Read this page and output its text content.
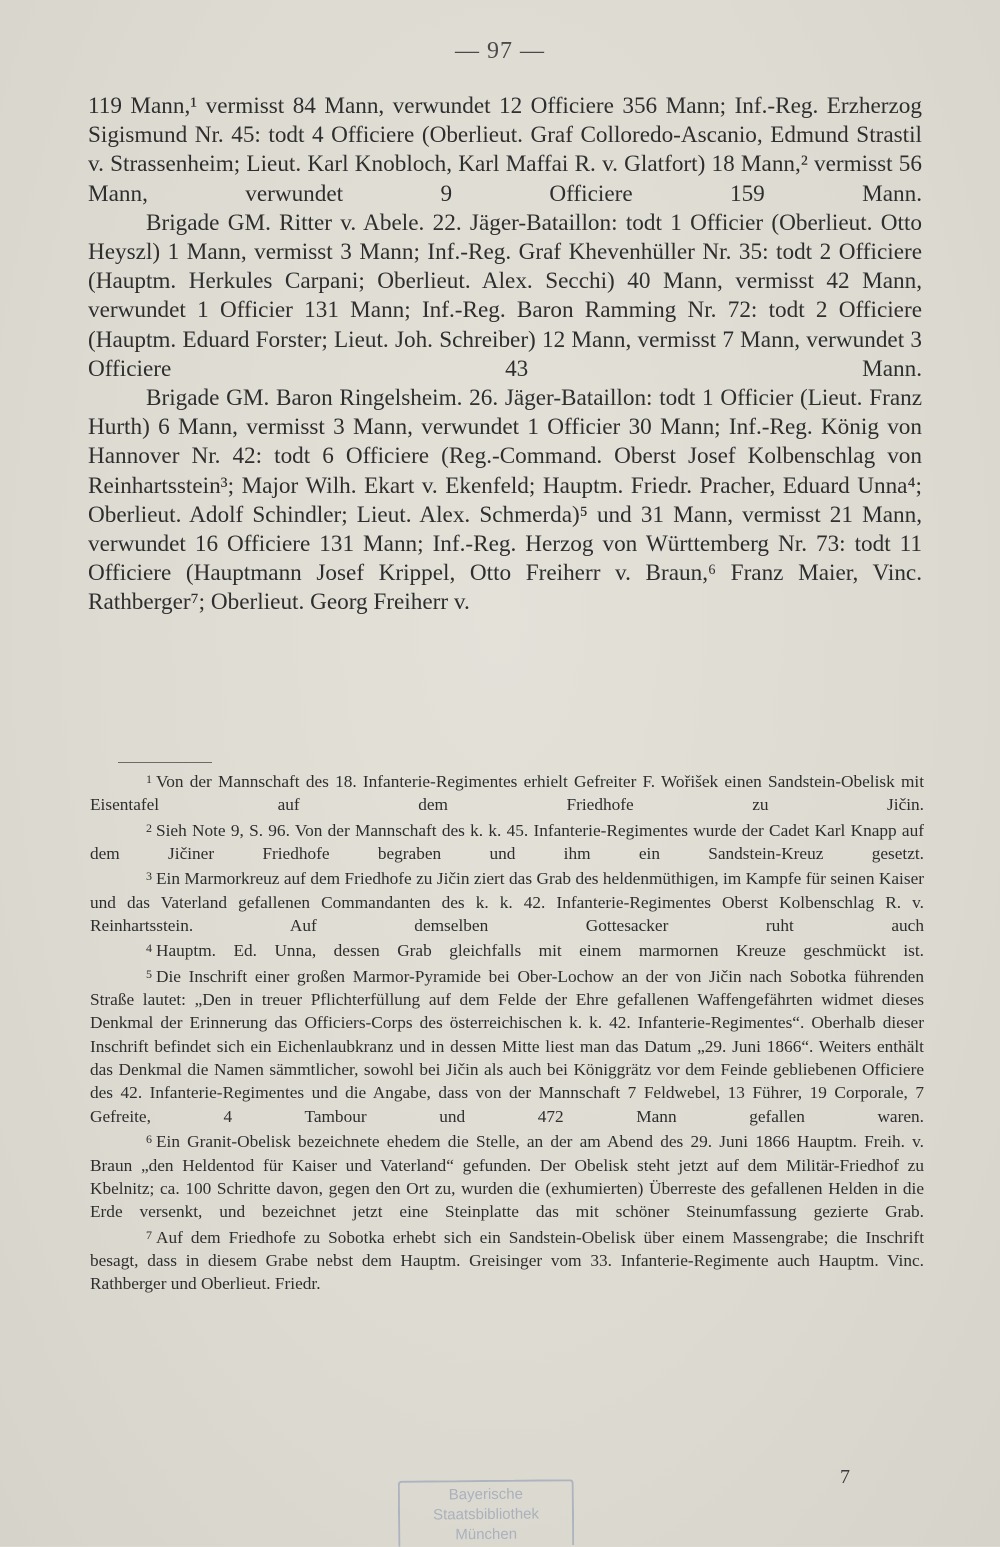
— 97 —

119 Mann,¹ vermisst 84 Mann, verwundet 12 Officiere 356 Mann; Inf.-Reg. Erzherzog Sigismund Nr. 45: todt 4 Officiere (Oberlieut. Graf Colloredo-Ascanio, Edmund Strastil v. Strassenheim; Lieut. Karl Knobloch, Karl Maffai R. v. Glatfort) 18 Mann,² vermisst 56 Mann, verwundet 9 Officiere 159 Mann.

Brigade GM. Ritter v. Abele. 22. Jäger-Bataillon: todt 1 Officier (Oberlieut. Otto Heyszl) 1 Mann, vermisst 3 Mann; Inf.-Reg. Graf Khevenhüller Nr. 35: todt 2 Officiere (Hauptm. Herkules Carpani; Oberlieut. Alex. Secchi) 40 Mann, vermisst 42 Mann, verwundet 1 Officier 131 Mann; Inf.-Reg. Baron Ramming Nr. 72: todt 2 Officiere (Hauptm. Eduard Forster; Lieut. Joh. Schreiber) 12 Mann, vermisst 7 Mann, verwundet 3 Officiere 43 Mann.

Brigade GM. Baron Ringelsheim. 26. Jäger-Bataillon: todt 1 Officier (Lieut. Franz Hurth) 6 Mann, vermisst 3 Mann, verwundet 1 Officier 30 Mann; Inf.-Reg. König von Hannover Nr. 42: todt 6 Officiere (Reg.-Command. Oberst Josef Kolbenschlag von Reinhartsstein³; Major Wilh. Ekart v. Ekenfeld; Hauptm. Friedr. Pracher, Eduard Unna⁴; Oberlieut. Adolf Schindler; Lieut. Alex. Schmerda)⁵ und 31 Mann, vermisst 21 Mann, verwundet 16 Officiere 131 Mann; Inf.-Reg. Herzog von Württemberg Nr. 73: todt 11 Officiere (Hauptmann Josef Krippel, Otto Freiherr v. Braun,⁶ Franz Maier, Vinc. Rathberger⁷; Oberlieut. Georg Freiherr v.

$^1$ Von der Mannschaft des 18. Infanterie-Regimentes erhielt Gefreiter F. Wořišek einen Sandstein-Obelisk mit Eisentafel auf dem Friedhofe zu Jičin.

$^2$ Sieh Note 9, S. 96. Von der Mannschaft des k. k. 45. Infanterie-Regimentes wurde der Cadet Karl Knapp auf dem Jičiner Friedhofe begraben und ihm ein Sandstein-Kreuz gesetzt.

$^3$ Ein Marmorkreuz auf dem Friedhofe zu Jičin ziert das Grab des heldenmüthigen, im Kampfe für seinen Kaiser und das Vaterland gefallenen Commandanten des k. k. 42. Infanterie-Regimentes Oberst Kolbenschlag R. v. Reinhartsstein. Auf demselben Gottesacker ruht auch

$^4$ Hauptm. Ed. Unna, dessen Grab gleichfalls mit einem marmornen Kreuze geschmückt ist.

$^5$ Die Inschrift einer großen Marmor-Pyramide bei Ober-Lochow an der von Jičin nach Sobotka führenden Straße lautet: „Den in treuer Pflichterfüllung auf dem Felde der Ehre gefallenen Waffengefährten widmet dieses Denkmal der Erinnerung das Officiers-Corps des österreichischen k. k. 42. Infanterie-Regimentes“. Oberhalb dieser Inschrift befindet sich ein Eichenlaubkranz und in dessen Mitte liest man das Datum „29. Juni 1866“. Weiters enthält das Denkmal die Namen sämmtlicher, sowohl bei Jičin als auch bei Königgrätz vor dem Feinde gebliebenen Officiere des 42. Infanterie-Regimentes und die Angabe, dass von der Mannschaft 7 Feldwebel, 13 Führer, 19 Corporale, 7 Gefreite, 4 Tambour und 472 Mann gefallen waren.

$^6$ Ein Granit-Obelisk bezeichnete ehedem die Stelle, an der am Abend des 29. Juni 1866 Hauptm. Freih. v. Braun „den Heldentod für Kaiser und Vaterland“ gefunden. Der Obelisk steht jetzt auf dem Militär-Friedhof zu Kbelnitz; ca. 100 Schritte davon, gegen den Ort zu, wurden die (exhumierten) Überreste des gefallenen Helden in die Erde versenkt, und bezeichnet jetzt eine Steinplatte das mit schöner Steinumfassung gezierte Grab.

$^7$ Auf dem Friedhofe zu Sobotka erhebt sich ein Sandstein-Obelisk über einem Massengrabe; die Inschrift besagt, dass in diesem Grabe nebst dem Hauptm. Greisinger vom 33. Infanterie-Regimente auch Hauptm. Vinc. Rathberger und Oberlieut. Friedr.

7
Bayerische
Staatsbibliothek
München
